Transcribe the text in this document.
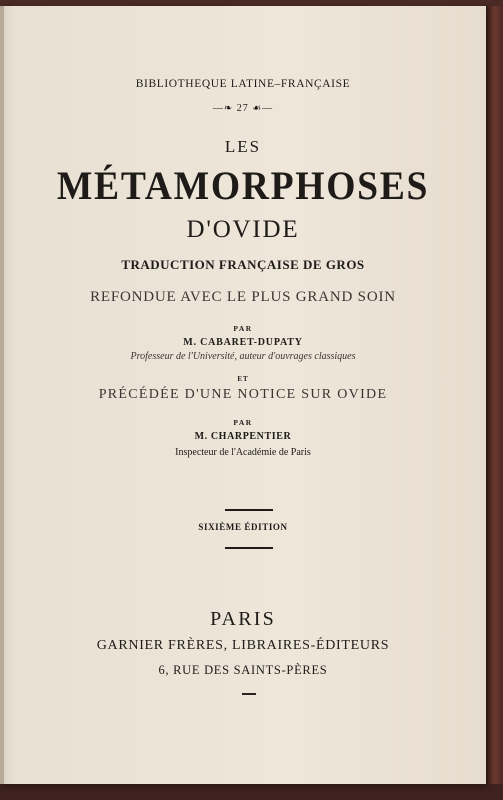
BIBLIOTHEQUE LATINE–FRANÇAISE
—❧ 27 ☙—
LES
MÉTAMORPHOSES
D'OVIDE
TRADUCTION FRANÇAISE DE GROS
REFONDUE AVEC LE PLUS GRAND SOIN
PAR
M. CABARET-DUPATY
Professeur de l'Université, auteur d'ouvrages classiques
ET
PRÉCÉDÉE D'UNE NOTICE SUR OVIDE
PAR
M. CHARPENTIER
Inspecteur de l'Académie de Paris
SIXIÈME ÉDITION
PARIS
GARNIER FRÈRES, LIBRAIRES-ÉDITEURS
6, RUE DES SAINTS-PÈRES
